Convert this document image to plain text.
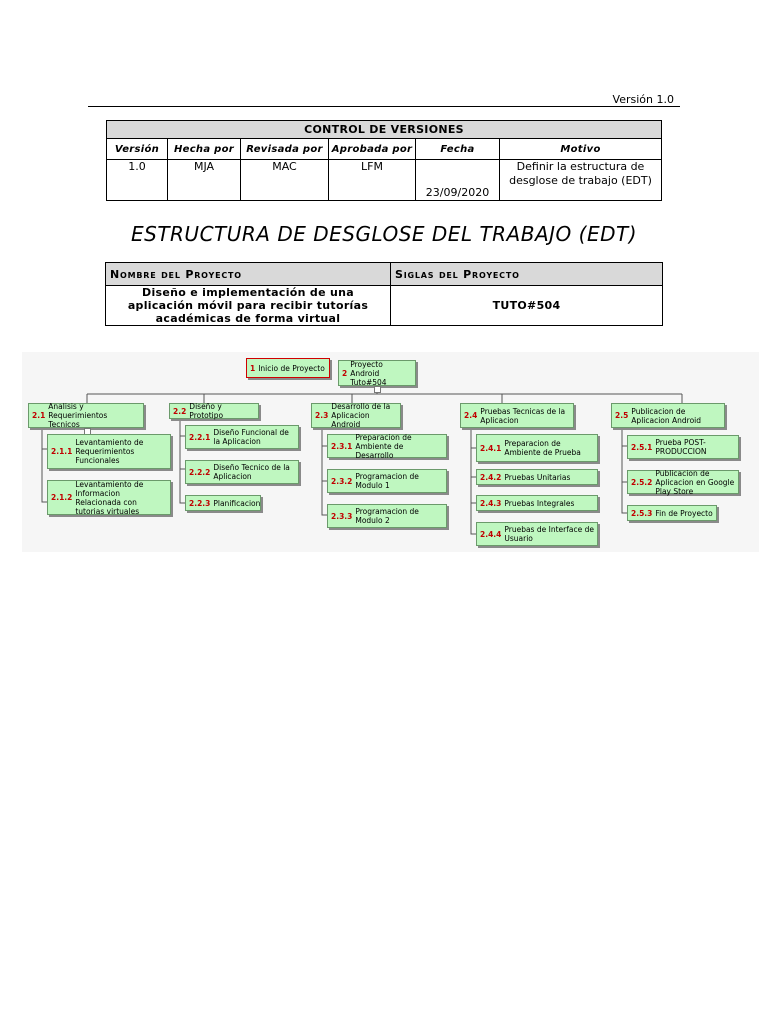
Versión 1.0
CONTROL DE VERSIONES					
Versión	Hecha por	Revisada por	Aprobada por	Fecha	Motivo
1.0	MJA	MAC	LFM	23/09/2020	Definir la estructura de desglose de trabajo (EDT)
ESTRUCTURA DE DESGLOSE DEL TRABAJO (EDT)
Nombre del Proyecto	Siglas del Proyecto
Diseño e implementación de una aplicación móvil para recibir tutorías académicas de forma virtual	TUTO#504
1 Inicio de Proyecto
2
Proyecto Android Tuto#504
2.1
Analisis y Requerimientos Tecnicos
2.1.1
Levantamiento de Requerimientos Funcionales
2.1.2
Levantamiento de Informacion Relacionada con tutorias virtuales
2.2 Diseño y Prototipo
2.2.1 Diseño Funcional de la Aplicacion
2.2.2 Diseño Tecnico de la Aplicacion
2.2.3 Planificacion
2.3
Desarrollo de la Aplicacion Android
2.3.1
Preparacion de Ambiente de Desarrollo
2.3.2 Programacion de Modulo 1
2.3.3 Programacion de Modulo 2
2.4 Pruebas Tecnicas de la Aplicacion
2.4.1 Preparacion de Ambiente de Prueba
2.4.2 Pruebas Unitarias
2.4.3 Pruebas Integrales
2.4.4 Pruebas de Interface de Usuario
2.5 Publicacion de Aplicacion Android
2.5.1 Prueba POST-PRODUCCION
2.5.2
Publicacion de Aplicacion en Google Play Store
2.5.3 Fin de Proyecto
